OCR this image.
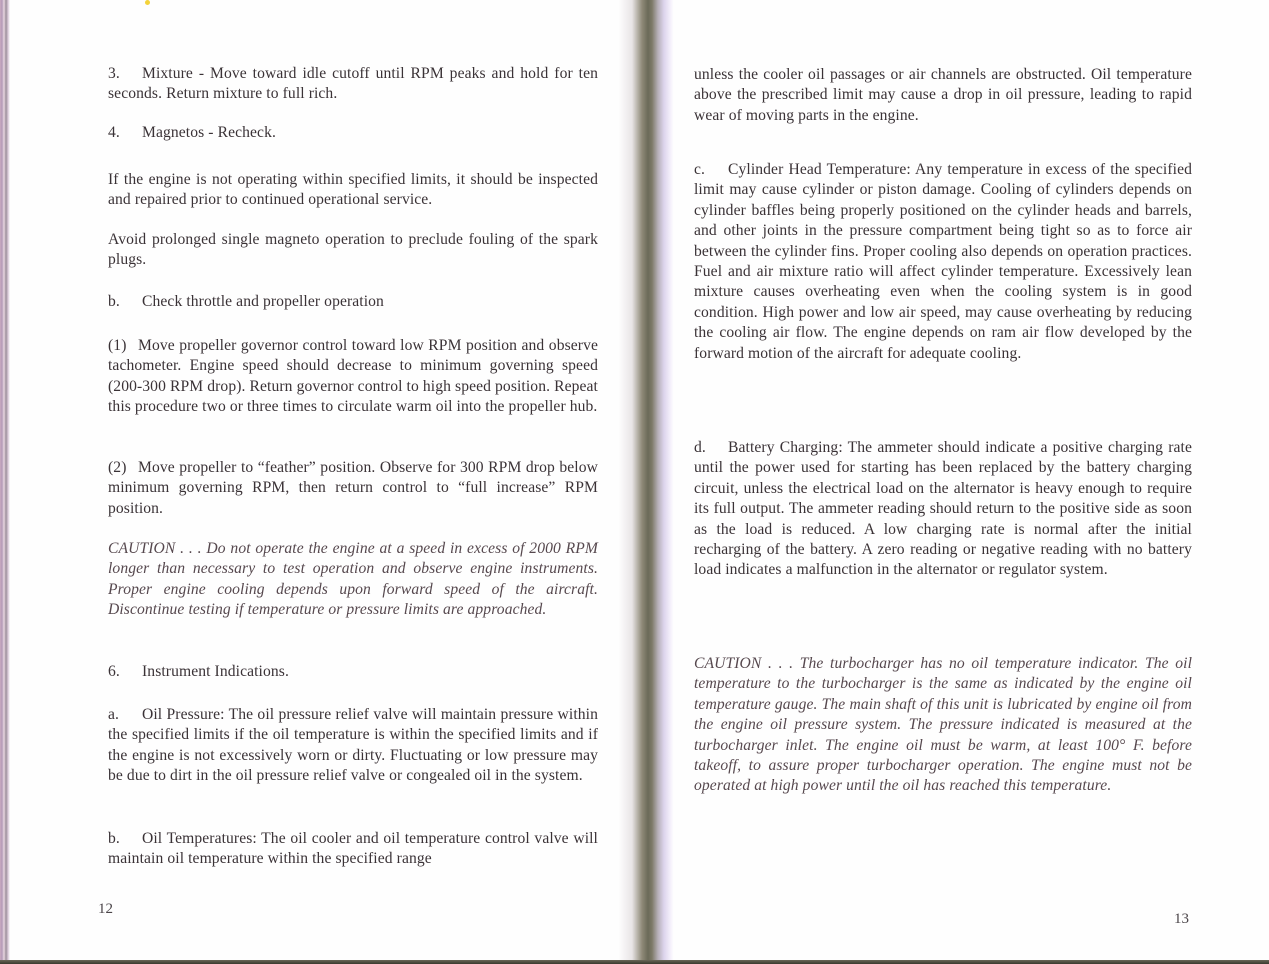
3. Mixture - Move toward idle cutoff until RPM peaks and hold for ten seconds. Return mixture to full rich.
4. Magnetos - Recheck.
If the engine is not operating within specified limits, it should be inspected and repaired prior to continued operational service.
Avoid prolonged single magneto operation to preclude fouling of the spark plugs.
b. Check throttle and propeller operation
(1) Move propeller governor control toward low RPM position and observe tachometer. Engine speed should decrease to minimum governing speed (200-300 RPM drop). Return governor control to high speed position. Repeat this procedure two or three times to circulate warm oil into the propeller hub.
(2) Move propeller to “feather” position. Observe for 300 RPM drop below minimum governing RPM, then return control to “full increase” RPM position.
CAUTION . . . Do not operate the engine at a speed in excess of 2000 RPM longer than necessary to test operation and observe engine instruments. Proper engine cooling depends upon forward speed of the aircraft. Discontinue testing if temperature or pressure limits are approached.
6. Instrument Indications.
a. Oil Pressure: The oil pressure relief valve will maintain pressure within the specified limits if the oil temperature is within the specified limits and if the engine is not excessively worn or dirty. Fluctuating or low pressure may be due to dirt in the oil pressure relief valve or congealed oil in the system.
b. Oil Temperatures: The oil cooler and oil temperature control valve will maintain oil temperature within the specified range
12
unless the cooler oil passages or air channels are obstructed. Oil temperature above the prescribed limit may cause a drop in oil pressure, leading to rapid wear of moving parts in the engine.
c. Cylinder Head Temperature: Any temperature in excess of the specified limit may cause cylinder or piston damage. Cooling of cylinders depends on cylinder baffles being properly positioned on the cylinder heads and barrels, and other joints in the pressure compartment being tight so as to force air between the cylinder fins. Proper cooling also depends on operation practices. Fuel and air mixture ratio will affect cylinder temperature. Excessively lean mixture causes overheating even when the cooling system is in good condition. High power and low air speed, may cause overheating by reducing the cooling air flow. The engine depends on ram air flow developed by the forward motion of the aircraft for adequate cooling.
d. Battery Charging: The ammeter should indicate a positive charging rate until the power used for starting has been replaced by the battery charging circuit, unless the electrical load on the alternator is heavy enough to require its full output. The ammeter reading should return to the positive side as soon as the load is reduced. A low charging rate is normal after the initial recharging of the battery. A zero reading or negative reading with no battery load indicates a malfunction in the alternator or regulator system.
CAUTION . . . The turbocharger has no oil temperature indicator. The oil temperature to the turbocharger is the same as indicated by the engine oil temperature gauge. The main shaft of this unit is lubricated by engine oil from the engine oil pressure system. The pressure indicated is measured at the turbocharger inlet. The engine oil must be warm, at least 100° F. before takeoff, to assure proper turbocharger operation. The engine must not be operated at high power until the oil has reached this temperature.
13
